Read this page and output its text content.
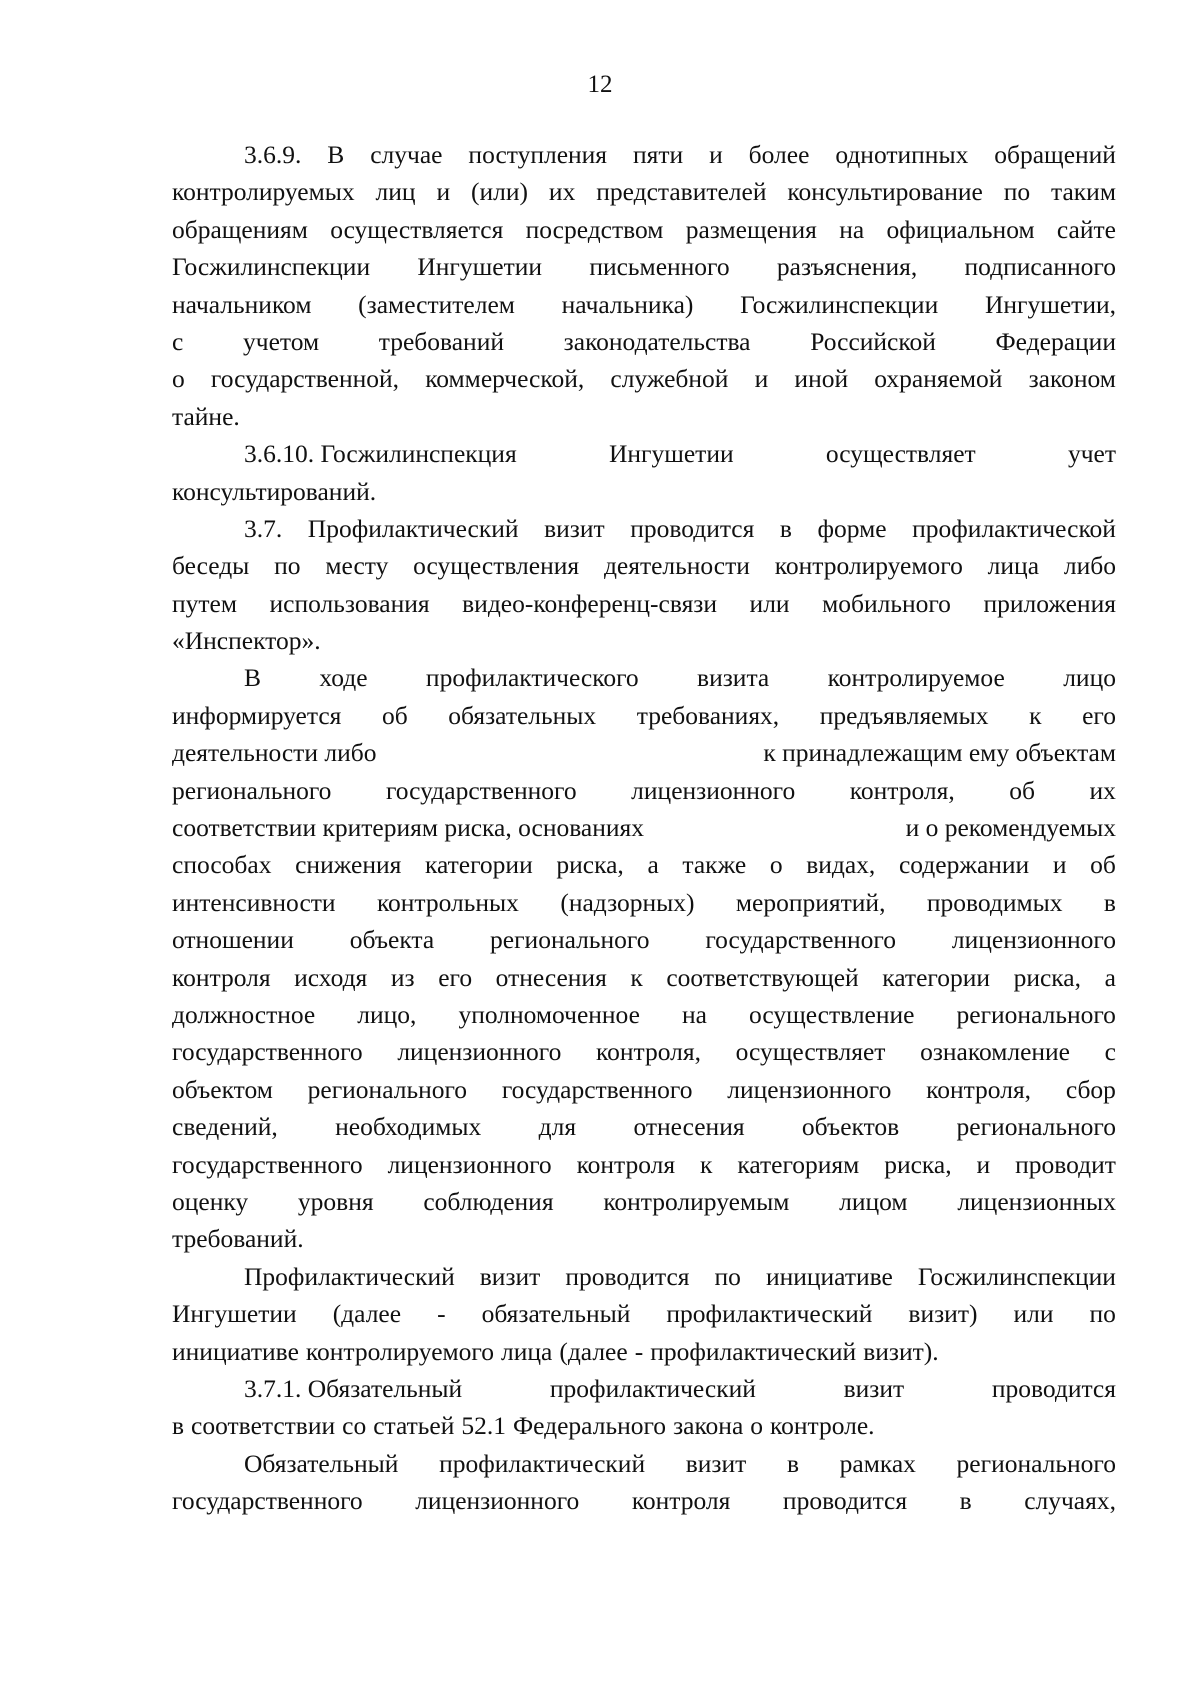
12
3.6.9. В случае поступления пяти и более однотипных обращений
контролируемых лиц и (или) их представителей консультирование по таким
обращениям осуществляется посредством размещения на официальном сайте
Госжилинспекции Ингушетии письменного разъяснения, подписанного
начальником (заместителем начальника) Госжилинспекции Ингушетии,
с учетом требований законодательства Российской Федерации
о государственной, коммерческой, служебной и иной охраняемой законом
тайне.
3.6.10. Госжилинспекция	Ингушетии	осуществляет	учет
консультирований.
3.7. Профилактический визит проводится в форме профилактической
беседы по месту осуществления деятельности контролируемого лица либо
путем использования видео-конференц-связи или мобильного приложения
«Инспектор».
В ходе профилактического визита контролируемое лицо
информируется об обязательных требованиях, предъявляемых к его
деятельности либо	к принадлежащим ему объектам
регионального государственного лицензионного контроля, об их
соответствии критериям риска, основаниях	и о рекомендуемых
способах снижения категории риска, а также о видах, содержании и об
интенсивности контрольных (надзорных) мероприятий, проводимых в
отношении объекта регионального государственного лицензионного
контроля исходя из его отнесения к соответствующей категории риска, а
должностное лицо, уполномоченное на осуществление регионального
государственного лицензионного контроля, осуществляет ознакомление с
объектом регионального государственного лицензионного контроля, сбор
сведений, необходимых для отнесения объектов регионального
государственного лицензионного контроля к категориям риска, и проводит
оценку уровня соблюдения контролируемым лицом лицензионных
требований.
Профилактический визит проводится по инициативе Госжилинспекции
Ингушетии (далее - обязательный профилактический визит) или по
инициативе контролируемого лица (далее - профилактический визит).
3.7.1. Обязательный	профилактический	визит	проводится
в соответствии со статьей 52.1 Федерального закона о контроле.
Обязательный профилактический визит в рамках регионального
государственного лицензионного контроля проводится в случаях,
